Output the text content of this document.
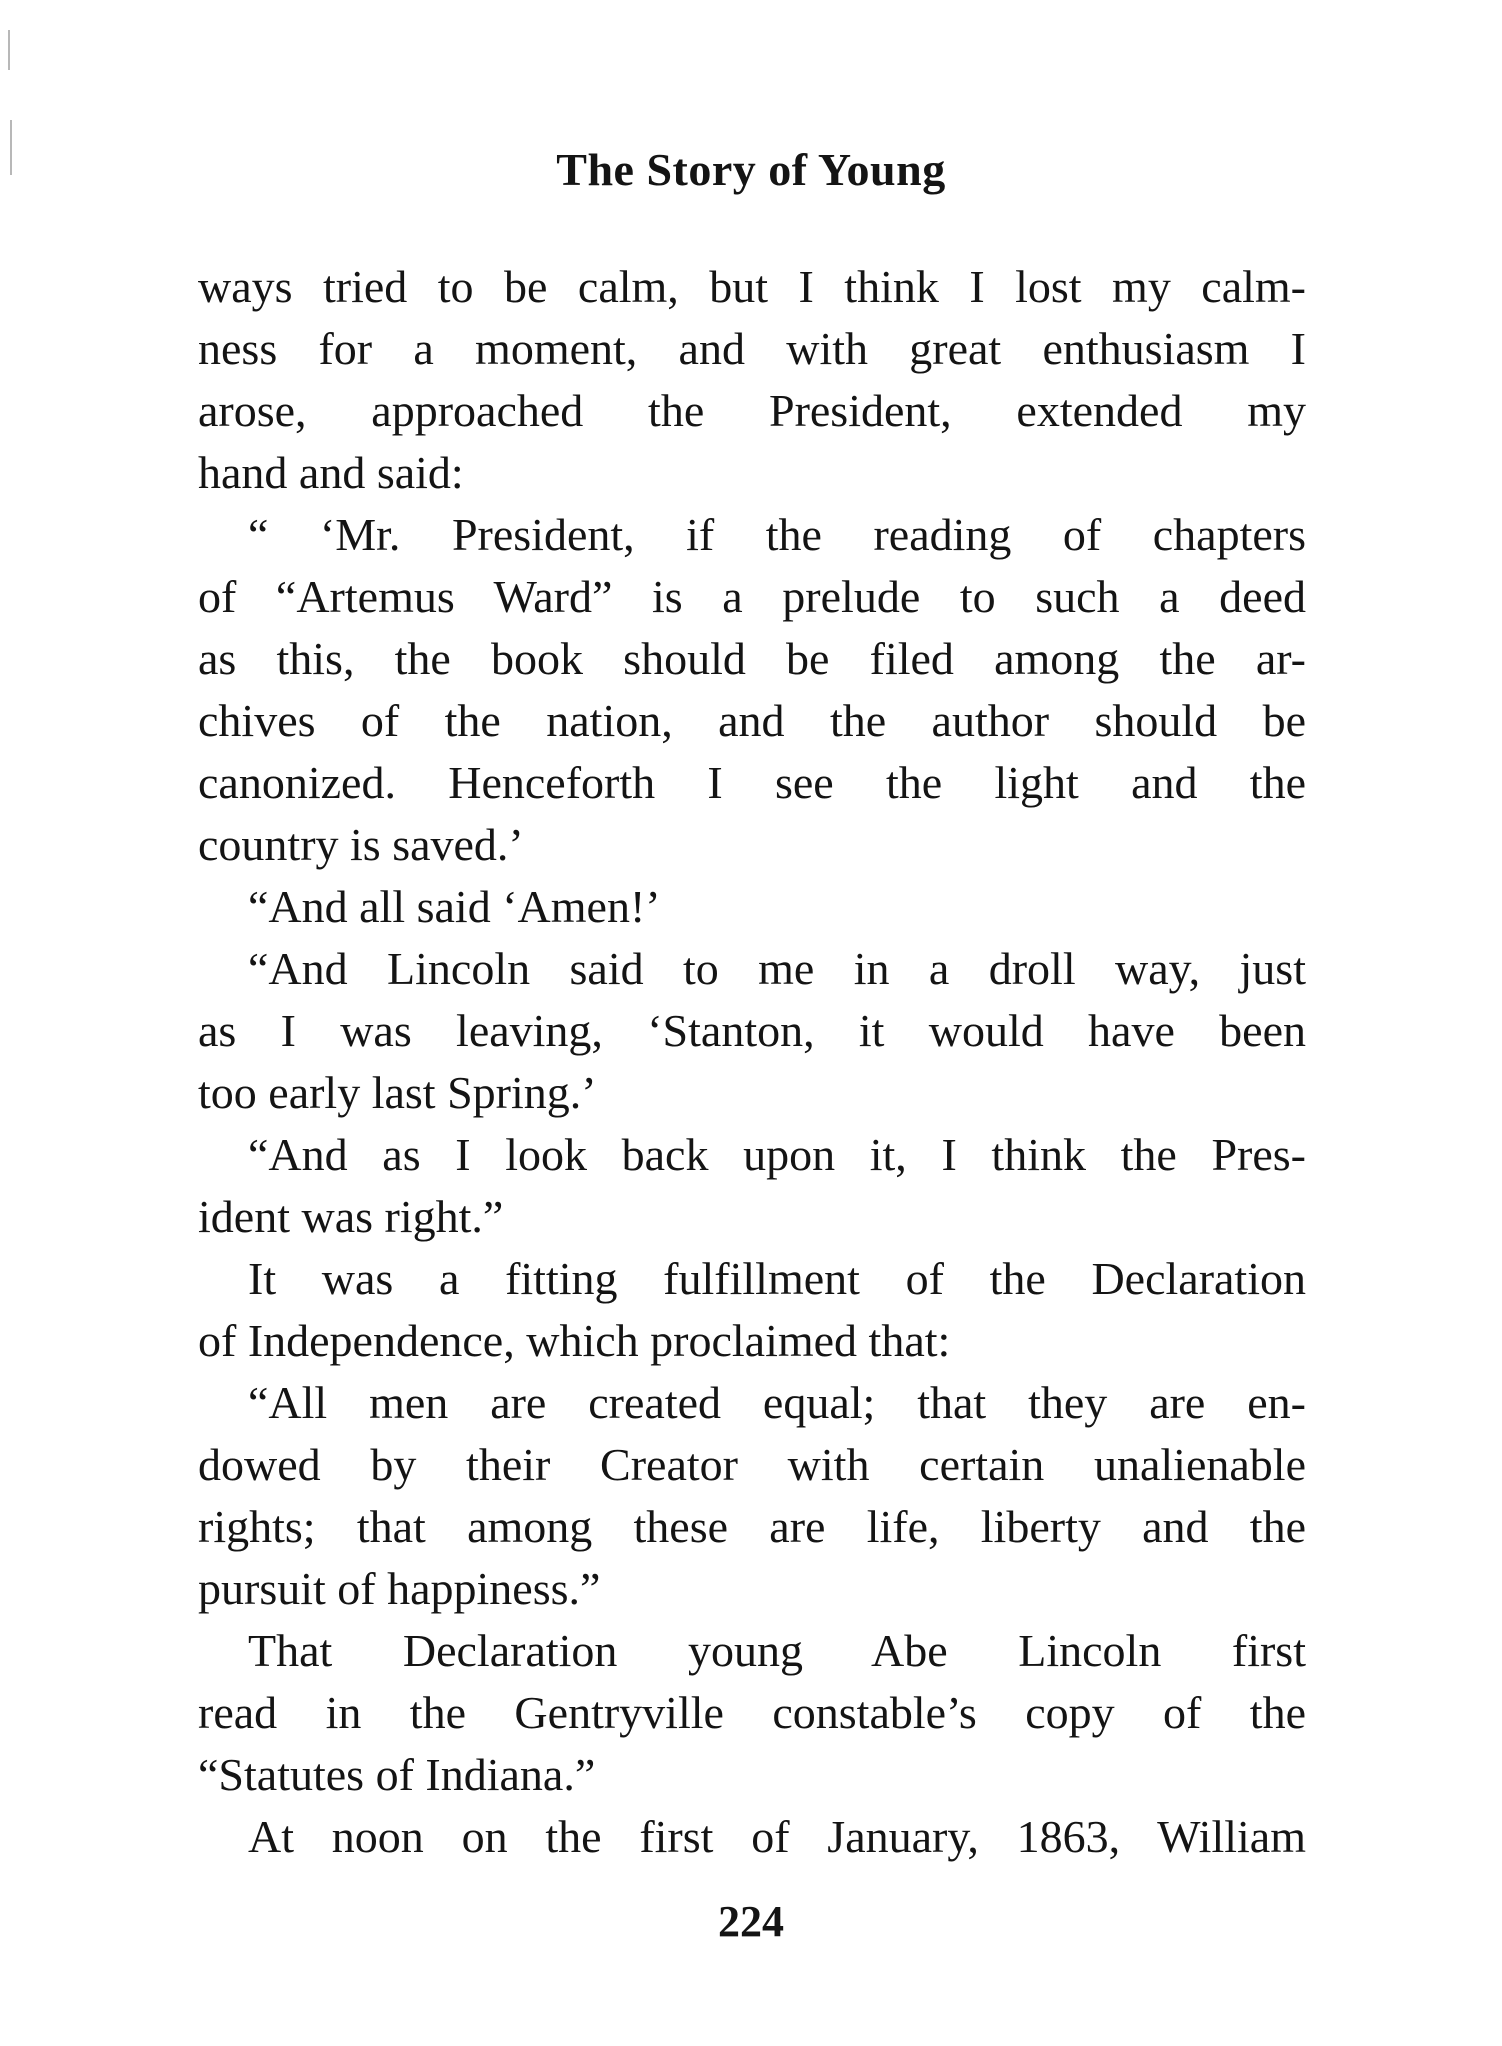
The Story of Young
ways tried to be calm, but I think I lost my calm-
ness for a moment, and with great enthusiasm I
arose, approached the President, extended my
hand and said:
“ ‘Mr. President, if the reading of chapters
of “Artemus Ward” is a prelude to such a deed
as this, the book should be filed among the ar-
chives of the nation, and the author should be
canonized. Henceforth I see the light and the
country is saved.’
“And all said ‘Amen!’
“And Lincoln said to me in a droll way, just
as I was leaving, ‘Stanton, it would have been
too early last Spring.’
“And as I look back upon it, I think the Pres-
ident was right.”
It was a fitting fulfillment of the Declaration
of Independence, which proclaimed that:
“All men are created equal; that they are en-
dowed by their Creator with certain unalienable
rights; that among these are life, liberty and the
pursuit of happiness.”
That Declaration young Abe Lincoln first
read in the Gentryville constable’s copy of the
“Statutes of Indiana.”
At noon on the first of January, 1863, William
224
